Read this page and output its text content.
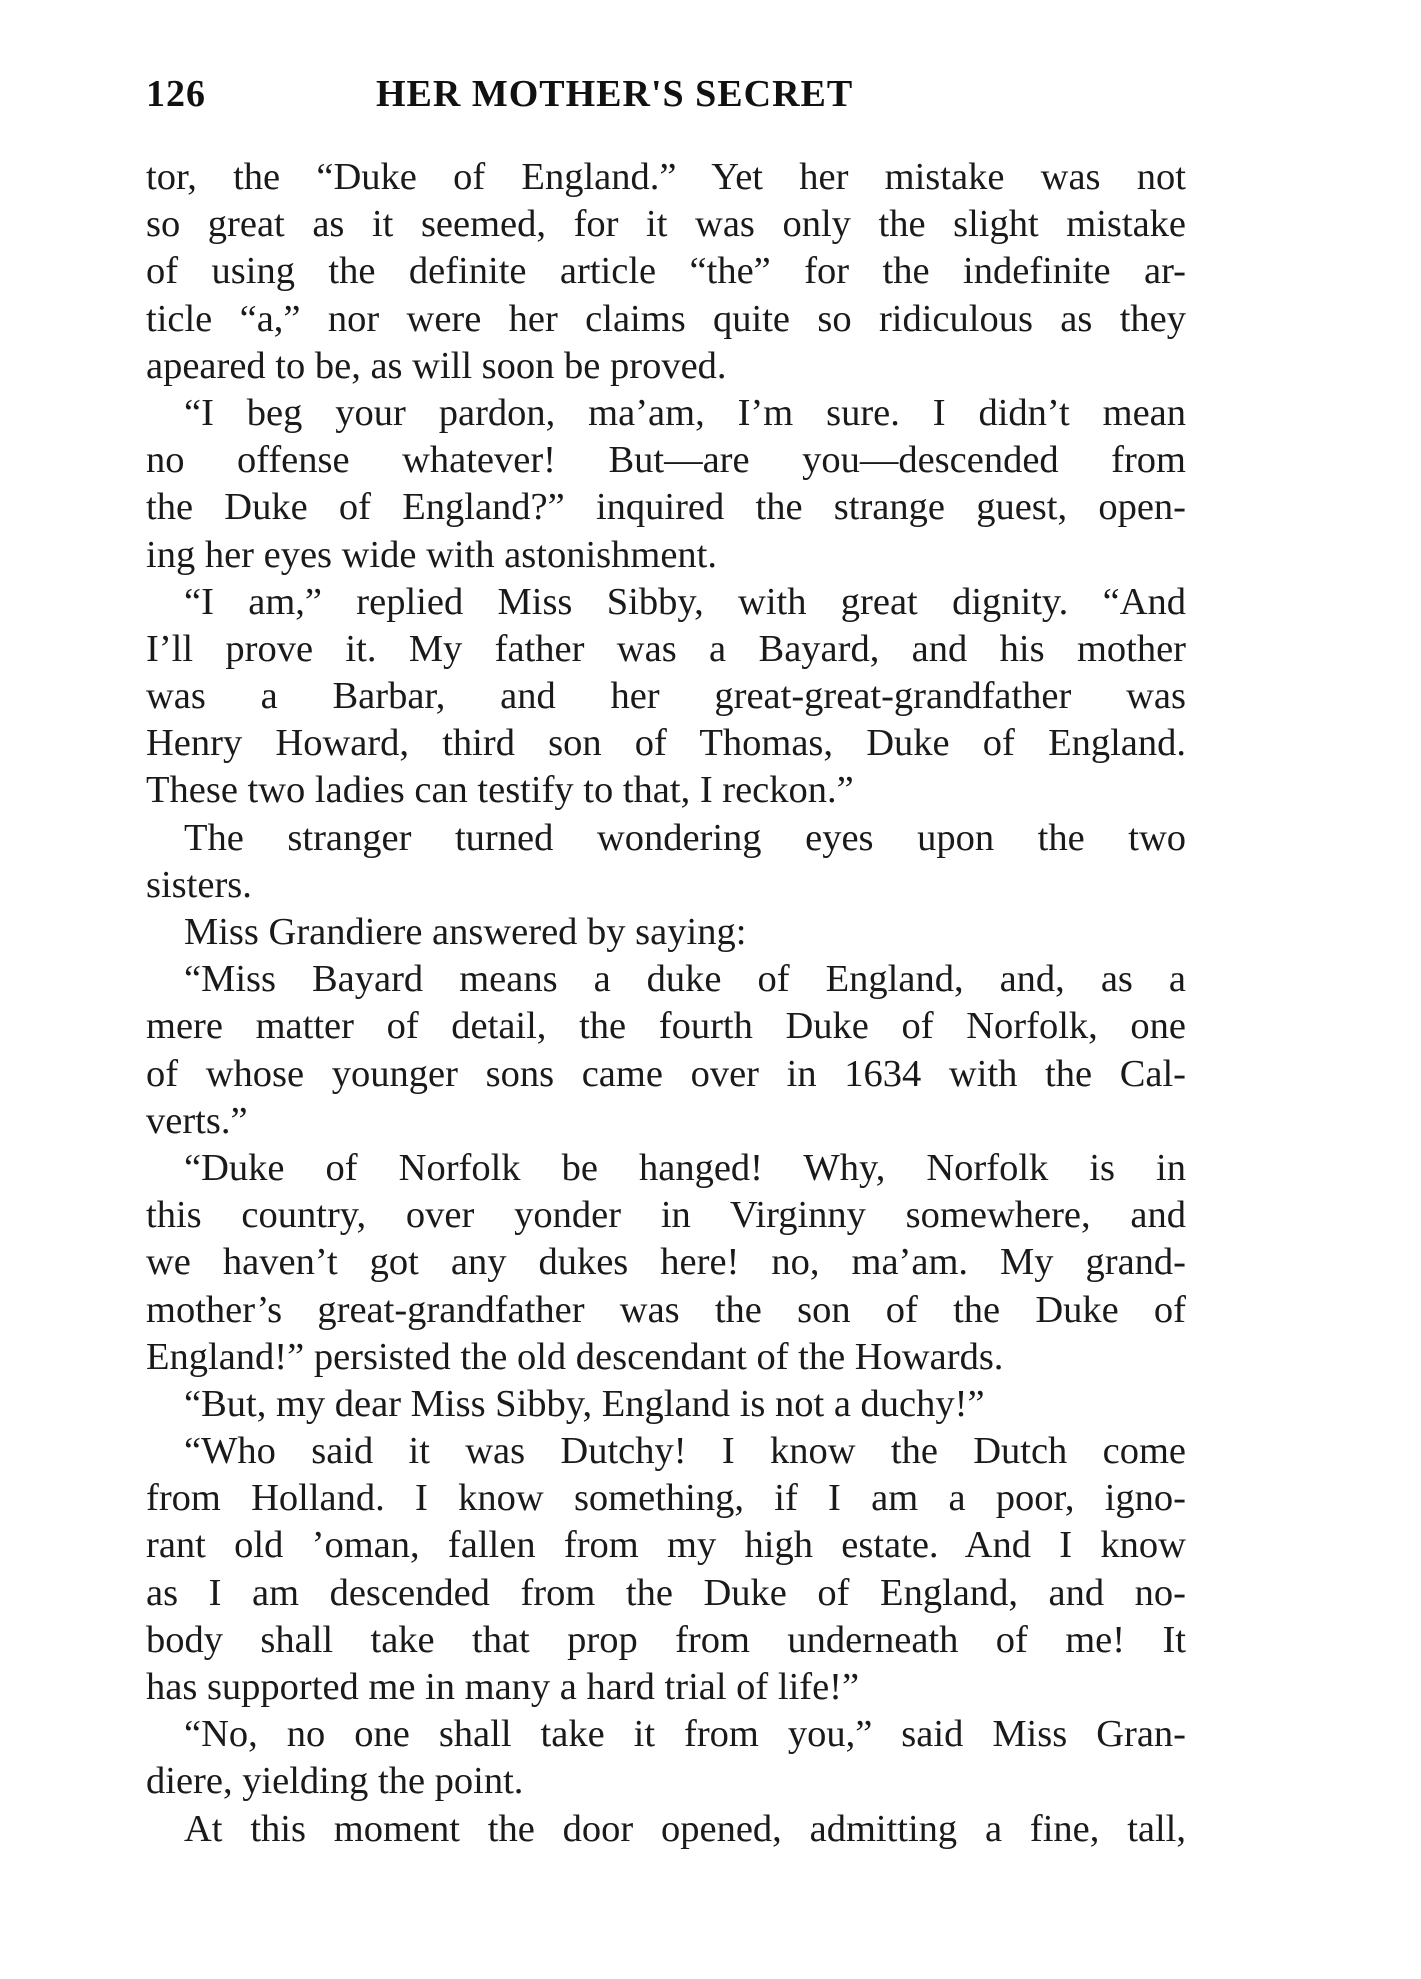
126	HER MOTHER'S SECRET
tor, the “Duke of England.” Yet her mistake was not
so great as it seemed, for it was only the slight mistake
of using the definite article “the” for the indefinite ar-
ticle “a,” nor were her claims quite so ridiculous as they
apeared to be, as will soon be proved.
“I beg your pardon, ma’am, I’m sure. I didn’t mean
no offense whatever! But—are you—descended from
the Duke of England?” inquired the strange guest, open-
ing her eyes wide with astonishment.
“I am,” replied Miss Sibby, with great dignity. “And
I’ll prove it. My father was a Bayard, and his mother
was a Barbar, and her great-great-grandfather was
Henry Howard, third son of Thomas, Duke of England.
These two ladies can testify to that, I reckon.”
The stranger turned wondering eyes upon the two
sisters.
Miss Grandiere answered by saying:
“Miss Bayard means a duke of England, and, as a
mere matter of detail, the fourth Duke of Norfolk, one
of whose younger sons came over in 1634 with the Cal-
verts.”
“Duke of Norfolk be hanged! Why, Norfolk is in
this country, over yonder in Virginny somewhere, and
we haven’t got any dukes here! no, ma’am. My grand-
mother’s great-grandfather was the son of the Duke of
England!” persisted the old descendant of the Howards.
“But, my dear Miss Sibby, England is not a duchy!”
“Who said it was Dutchy! I know the Dutch come
from Holland. I know something, if I am a poor, igno-
rant old ’oman, fallen from my high estate. And I know
as I am descended from the Duke of England, and no-
body shall take that prop from underneath of me! It
has supported me in many a hard trial of life!”
“No, no one shall take it from you,” said Miss Gran-
diere, yielding the point.
At this moment the door opened, admitting a fine, tall,
